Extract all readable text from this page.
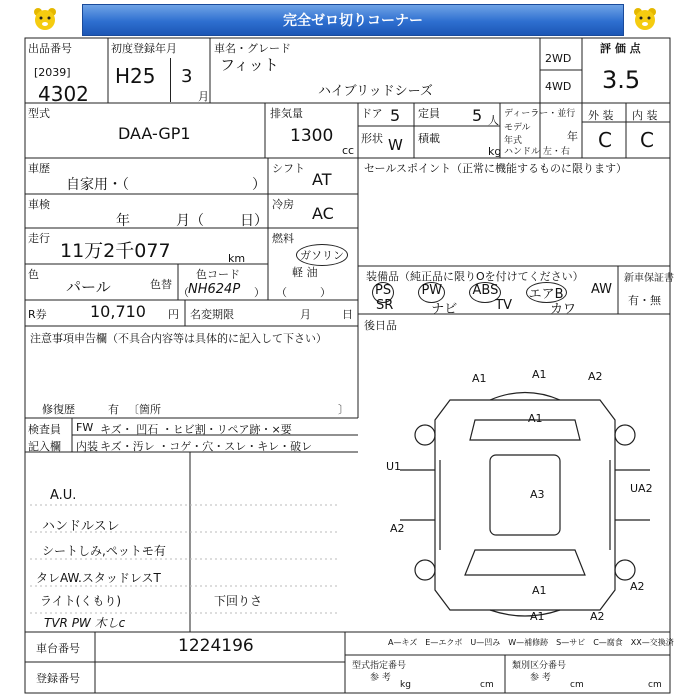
完全ゼロ切りコーナー
出品番号
[2039]
4302
初度登録年月
H25 3
月
車名・グレード
フィット
ハイブリッドシーズ
2WD
4WD
評 価 点
3.5
型式
DAA-GP1
排気量
1300
cc
ドア 5 定員 5 人
形状 W 積載
kg
ディーラー・並行
モデル 年式	年
ハンドル 左・右
外 装 内 装
C C
車歴
自家用・（	）
車検
年	月（	日）
走行
11万2千077	km
色
パール	色替
色コード
（ NH624P ）
R券	10,710 円 名変期限	月	日
シフト
AT
冷房 AC
燃料
ガソリン
軽 油
（　　　）
セールスポイント（正常に機能するものに限ります）
装備品（純正品に限りOを付けてください）
PS PW ABS エアB AW
SR	ナビ	TV	カワ
新車保証書
有・無
後日品
注意事項申告欄（不具合内容等は具体的に記入して下さい）
修復歴	有 〔箇所	〕
検査員
記入欄
FW キズ・ 凹石 ・ヒビ割・リペア跡・×要
内装 キズ・汚レ ・コゲ・穴・スレ・キレ・破レ
A.U.
ハンドルスレ
シートしみ,ペットモ有
タレAW.スタッドレスT
ライト(くもり)	下回りさ
TVR PW 木しc
A1	A1	A2
A1
U1
A2
A3	UA2
A1	A2
A1	A2
A—キズ　E—エクボ　U—凹み　W—補修跡　S—サビ　C—腐食　XX—交換済
車台番号	1224196
登録番号
型式指定番号
参 考
kg	cm
類別区分番号
参 考
cm	cm
